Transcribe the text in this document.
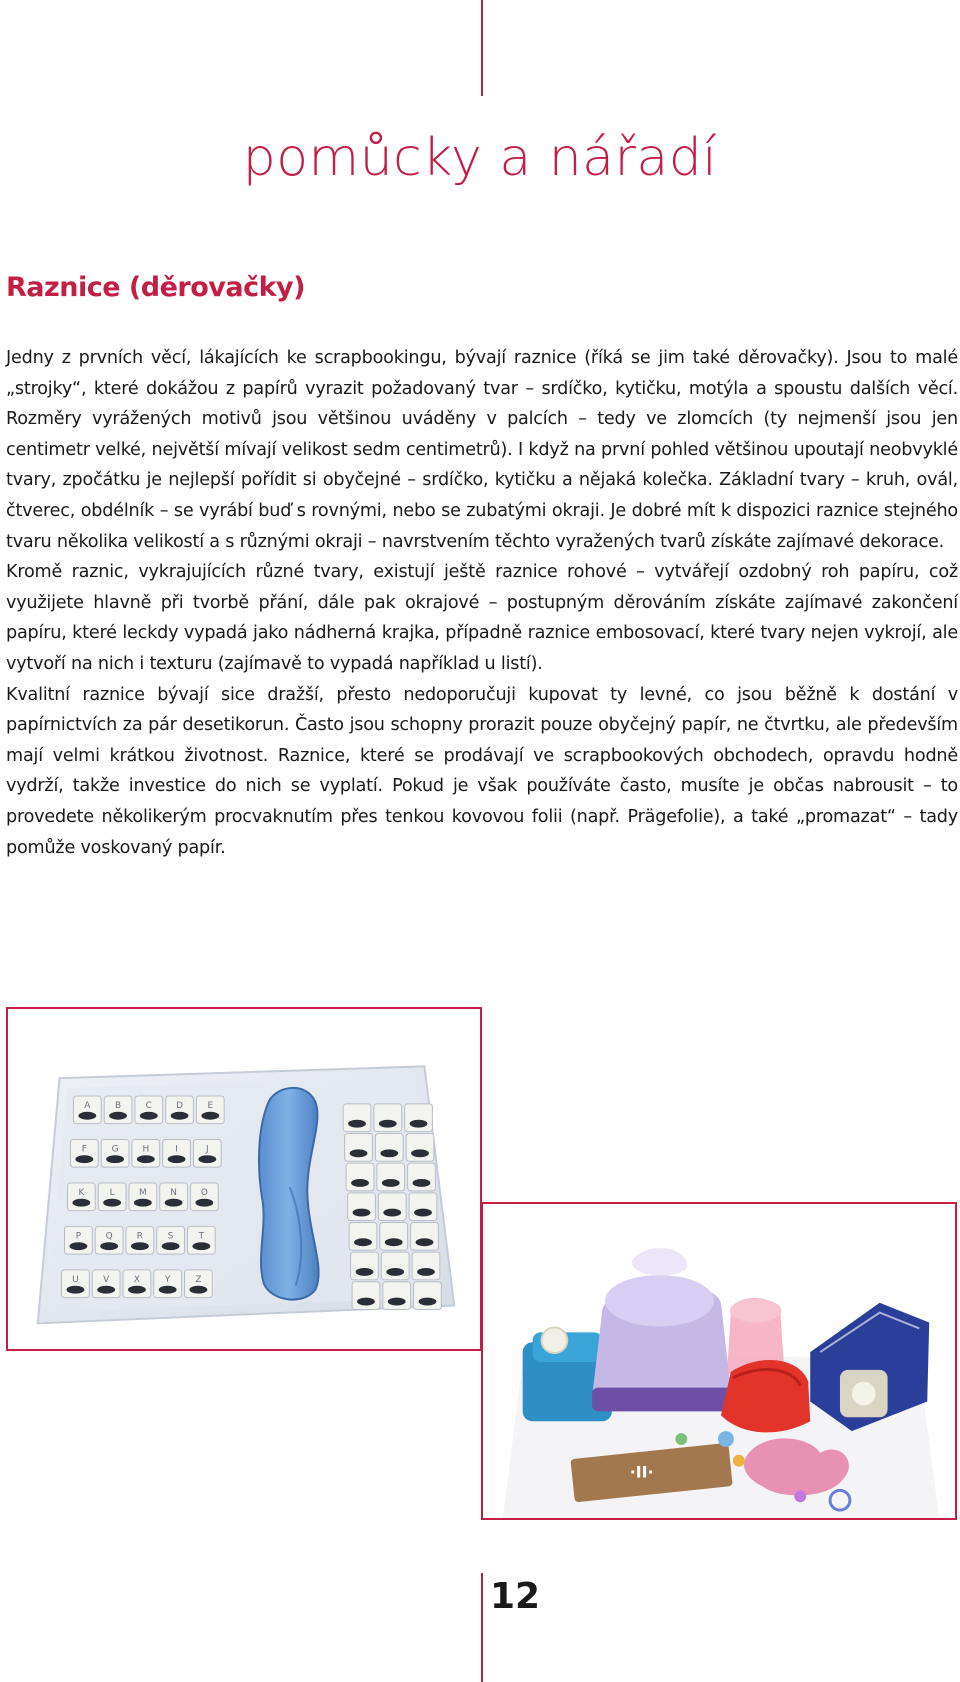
pomůcky a nářadí
Raznice (děrovačky)

Jedny z prvních věcí, lákajících ke scrapbookingu, bývají raznice (říká se jim také děrovačky). Jsou to malé „strojky“, které dokážou z papírů vyrazit požadovaný tvar – srdíčko, kytičku, motýla a spoustu dalších věcí. Rozměry vyrážených motivů jsou většinou uváděny v palcích – tedy ve zlomcích (ty nejmenší jsou jen centimetr velké, největší mívají velikost sedm centimetrů). I když na první pohled většinou upoutají neobvyklé tvary, zpočátku je nejlepší pořídit si obyčejné – srdíčko, kytičku a nějaká kolečka. Základní tvary – kruh, ovál, čtverec, obdélník – se vyrábí buď s rovnými, nebo se zubatými okraji. Je dobré mít k dispozici raznice stejného tvaru několika velikostí a s různými okraji – navrstvením těchto vyražených tvarů získáte zajímavé dekorace.

Kromě raznic, vykrajujících různé tvary, existují ještě raznice rohové – vytvářejí ozdobný roh papíru, což využijete hlavně při tvorbě přání, dále pak okrajové – postupným děrováním získáte zajímavé zakončení papíru, které leckdy vypadá jako nádherná krajka, případně raznice embosovací, které tvary nejen vykrojí, ale vytvoří na nich i texturu (zajímavě to vypadá například u listí).

Kvalitní raznice bývají sice dražší, přesto nedoporučuji kupovat ty levné, co jsou běžně k dostání v papírnictvích za pár desetikorun. Často jsou schopny prorazit pouze obyčejný papír, ne čtvrtku, ale především mají velmi krátkou životnost. Raznice, které se prodávají ve scrapbookových obchodech, opravdu hodně vydrží, takže investice do nich se vyplatí. Pokud je však používáte často, musíte je občas nabrousit – to provedete několikerým procvaknutím přes tenkou kovovou folii (např. Prägefolie), a také „promazat“ – tady pomůže voskovaný papír.

A	B	C	D	E
F	G	H	I	J
K	L	M	N	O
P	Q	R	S	T
U	V	X	Y	Z
·II·
12
